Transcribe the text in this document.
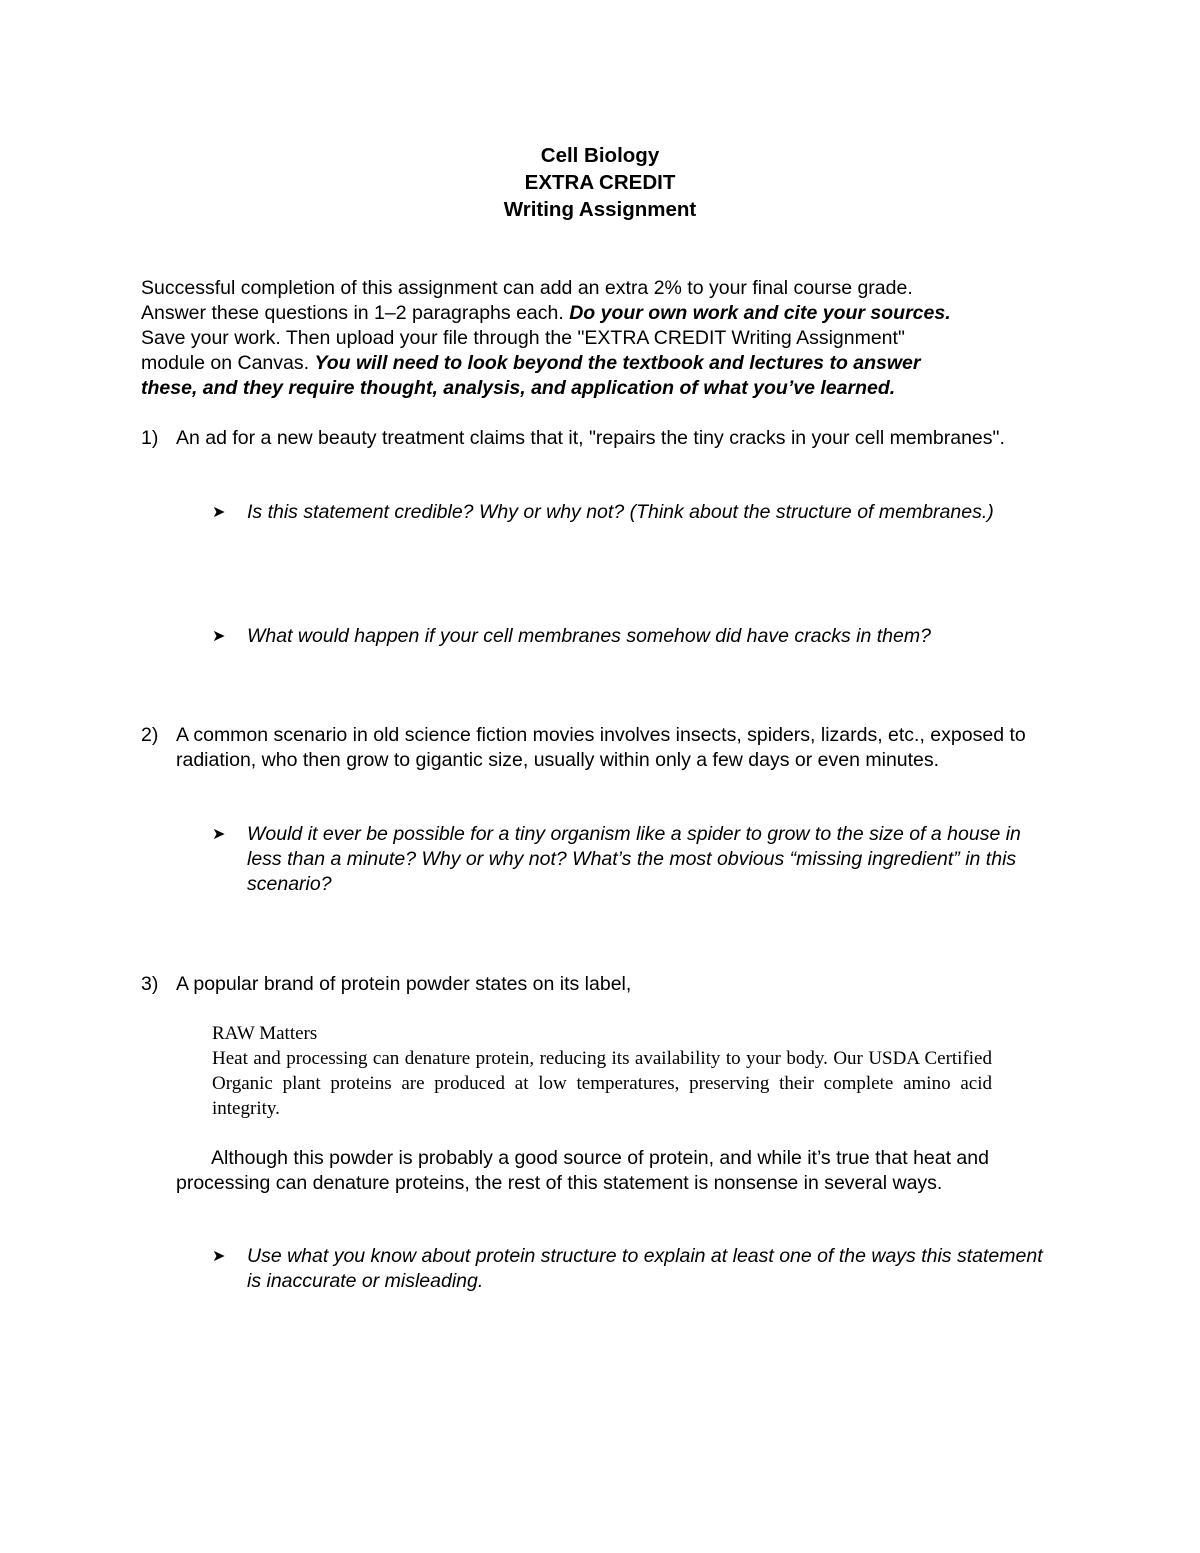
Cell Biology
EXTRA CREDIT
Writing Assignment

Successful completion of this assignment can add an extra 2% to your final course grade.

Answer these questions in 1–2 paragraphs each. Do your own work and cite your sources.

Save your work. Then upload your file through the "EXTRA CREDIT Writing Assignment"

module on Canvas. You will need to look beyond the textbook and lectures to answer

these, and they require thought, analysis, and application of what you’ve learned.

1) An ad for a new beauty treatment claims that it, "repairs the tiny cracks in your cell membranes".
➤	Is this statement credible? Why or why not? (Think about the structure of membranes.)
➤	What would happen if your cell membranes somehow did have cracks in them?
2) A common scenario in old science fiction movies involves insects, spiders, lizards, etc., exposed to radiation, who then grow to gigantic size, usually within only a few days or even minutes.
➤	Would it ever be possible for a tiny organism like a spider to grow to the size of a house in less than a minute? Why or why not? What’s the most obvious “missing ingredient” in this scenario?
3) A popular brand of protein powder states on its label,

RAW Matters

Heat and processing can denature protein, reducing its availability to your body. Our USDA Certified Organic plant proteins are produced at low temperatures, preserving their complete amino acid integrity.

Although this powder is probably a good source of protein, and while it’s true that heat and processing can denature proteins, the rest of this statement is nonsense in several ways.

➤	Use what you know about protein structure to explain at least one of the ways this statement is inaccurate or misleading.
